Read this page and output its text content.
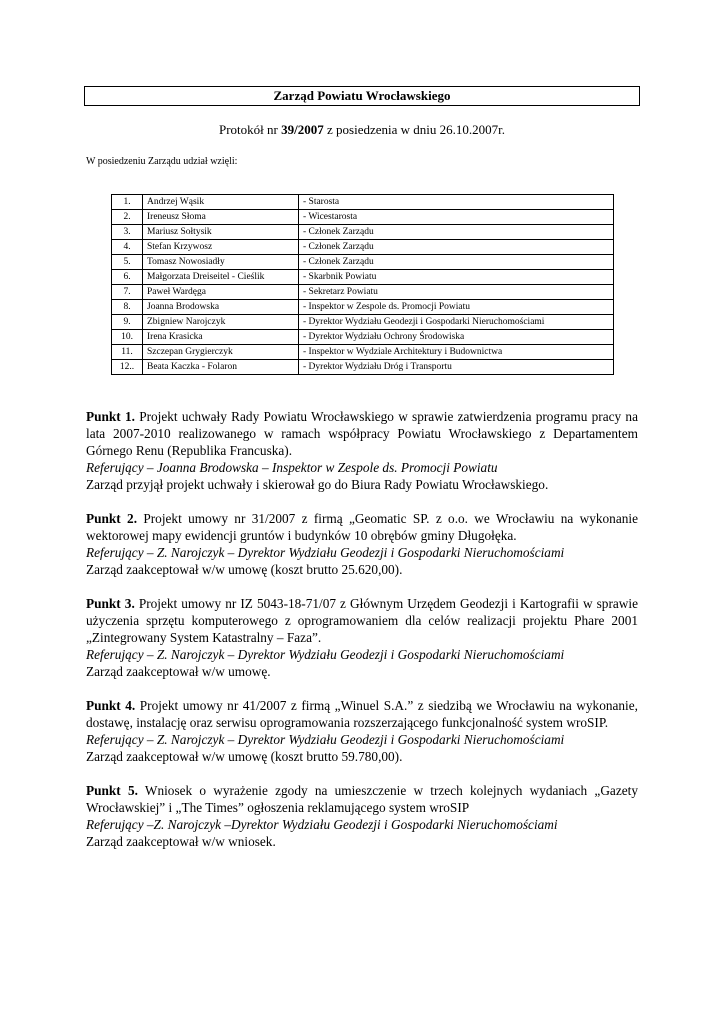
Zarząd Powiatu Wrocławskiego
Protokół nr 39/2007 z posiedzenia w dniu 26.10.2007r.
W posiedzeniu Zarządu udział wzięli:
1.	Andrzej Wąsik	- Starosta
2.	Ireneusz Słoma	- Wicestarosta
3.	Mariusz Sołtysik	- Członek Zarządu
4.	Stefan Krzywosz	- Członek Zarządu
5.	Tomasz Nowosiadły	- Członek Zarządu
6.	Małgorzata Dreiseitel - Cieślik	- Skarbnik Powiatu
7.	Paweł Wardęga	- Sekretarz Powiatu
8.	Joanna Brodowska	- Inspektor w Zespole ds. Promocji Powiatu
9.	Zbigniew Narojczyk	- Dyrektor Wydziału Geodezji i Gospodarki Nieruchomościami
10.	Irena Krasicka	- Dyrektor Wydziału Ochrony Środowiska
11.	Szczepan Grygierczyk	- Inspektor w Wydziale Architektury i Budownictwa
12..	Beata Kaczka - Folaron	- Dyrektor Wydziału Dróg i Transportu

Punkt 1. Projekt uchwały Rady Powiatu Wrocławskiego w sprawie zatwierdzenia programu pracy na lata 2007-2010 realizowanego w ramach współpracy Powiatu Wrocławskiego z Departamentem Górnego Renu (Republika Francuska).

Referujący – Joanna Brodowska – Inspektor w Zespole ds. Promocji Powiatu

Zarząd przyjął projekt uchwały i skierował go do Biura Rady Powiatu Wrocławskiego.

Punkt 2. Projekt umowy nr 31/2007 z firmą „Geomatic SP. z o.o. we Wrocławiu na wykonanie wektorowej mapy ewidencji gruntów i budynków 10 obrębów gminy Długołęka.

Referujący – Z. Narojczyk – Dyrektor Wydziału Geodezji i Gospodarki Nieruchomościami

Zarząd zaakceptował w/w umowę (koszt brutto 25.620,00).

Punkt 3. Projekt umowy nr IZ 5043-18-71/07 z Głównym Urzędem Geodezji i Kartografii w sprawie użyczenia sprzętu komputerowego z oprogramowaniem dla celów realizacji projektu Phare 2001 „Zintegrowany System Katastralny – Faza”.

Referujący – Z. Narojczyk – Dyrektor Wydziału Geodezji i Gospodarki Nieruchomościami

Zarząd zaakceptował w/w umowę.

Punkt 4. Projekt umowy nr 41/2007 z firmą „Winuel S.A.” z siedzibą we Wrocławiu na wykonanie, dostawę, instalację oraz serwisu oprogramowania rozszerzającego funkcjonalność system wroSIP.

Referujący – Z. Narojczyk – Dyrektor Wydziału Geodezji i Gospodarki Nieruchomościami

Zarząd zaakceptował w/w umowę (koszt brutto 59.780,00).

Punkt 5. Wniosek o wyrażenie zgody na umieszczenie w trzech kolejnych wydaniach „Gazety Wrocławskiej” i „The Times” ogłoszenia reklamującego system wroSIP

Referujący –Z. Narojczyk –Dyrektor Wydziału Geodezji i Gospodarki Nieruchomościami

Zarząd zaakceptował w/w wniosek.
